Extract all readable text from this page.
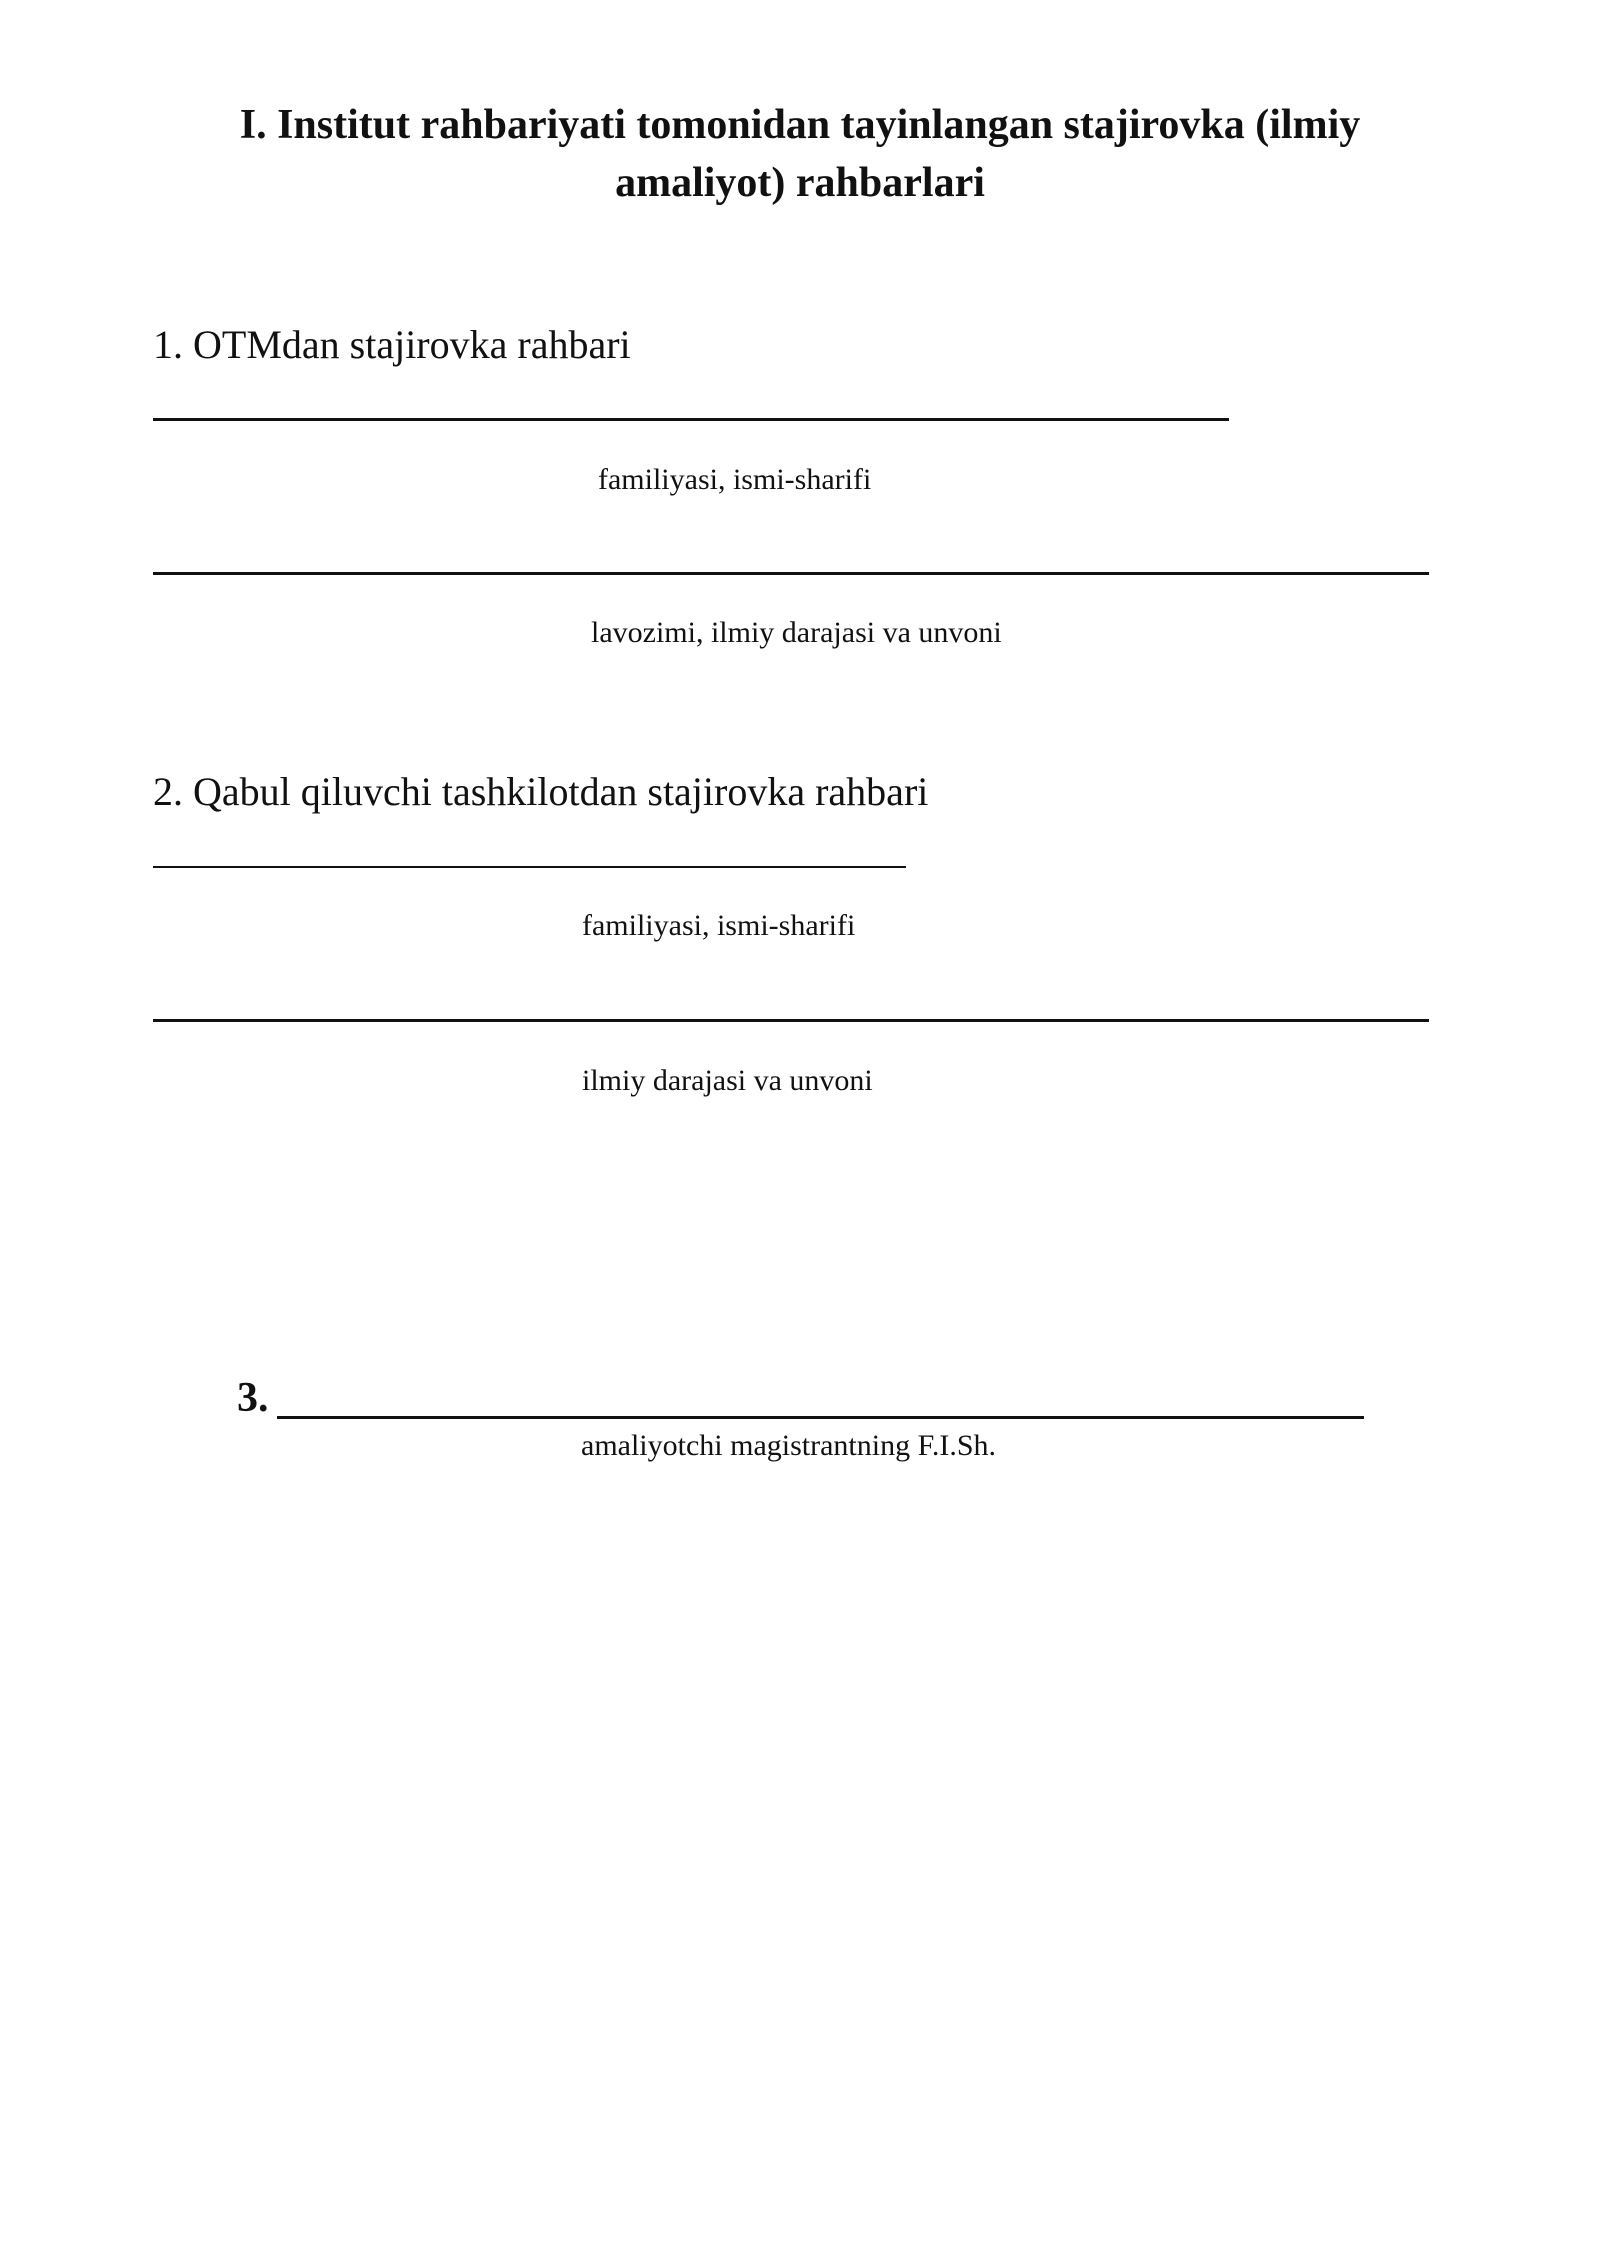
I. Institut rahbariyati tomonidan tayinlangan stajirovka (ilmiy
amaliyot) rahbarlari
1. OTMdan stajirovka rahbari
familiyasi, ismi-sharifi
lavozimi, ilmiy darajasi va unvoni
2. Qabul qiluvchi tashkilotdan stajirovka rahbari
familiyasi, ismi-sharifi
ilmiy darajasi va unvoni
3.
amaliyotchi magistrantning F.I.Sh.
